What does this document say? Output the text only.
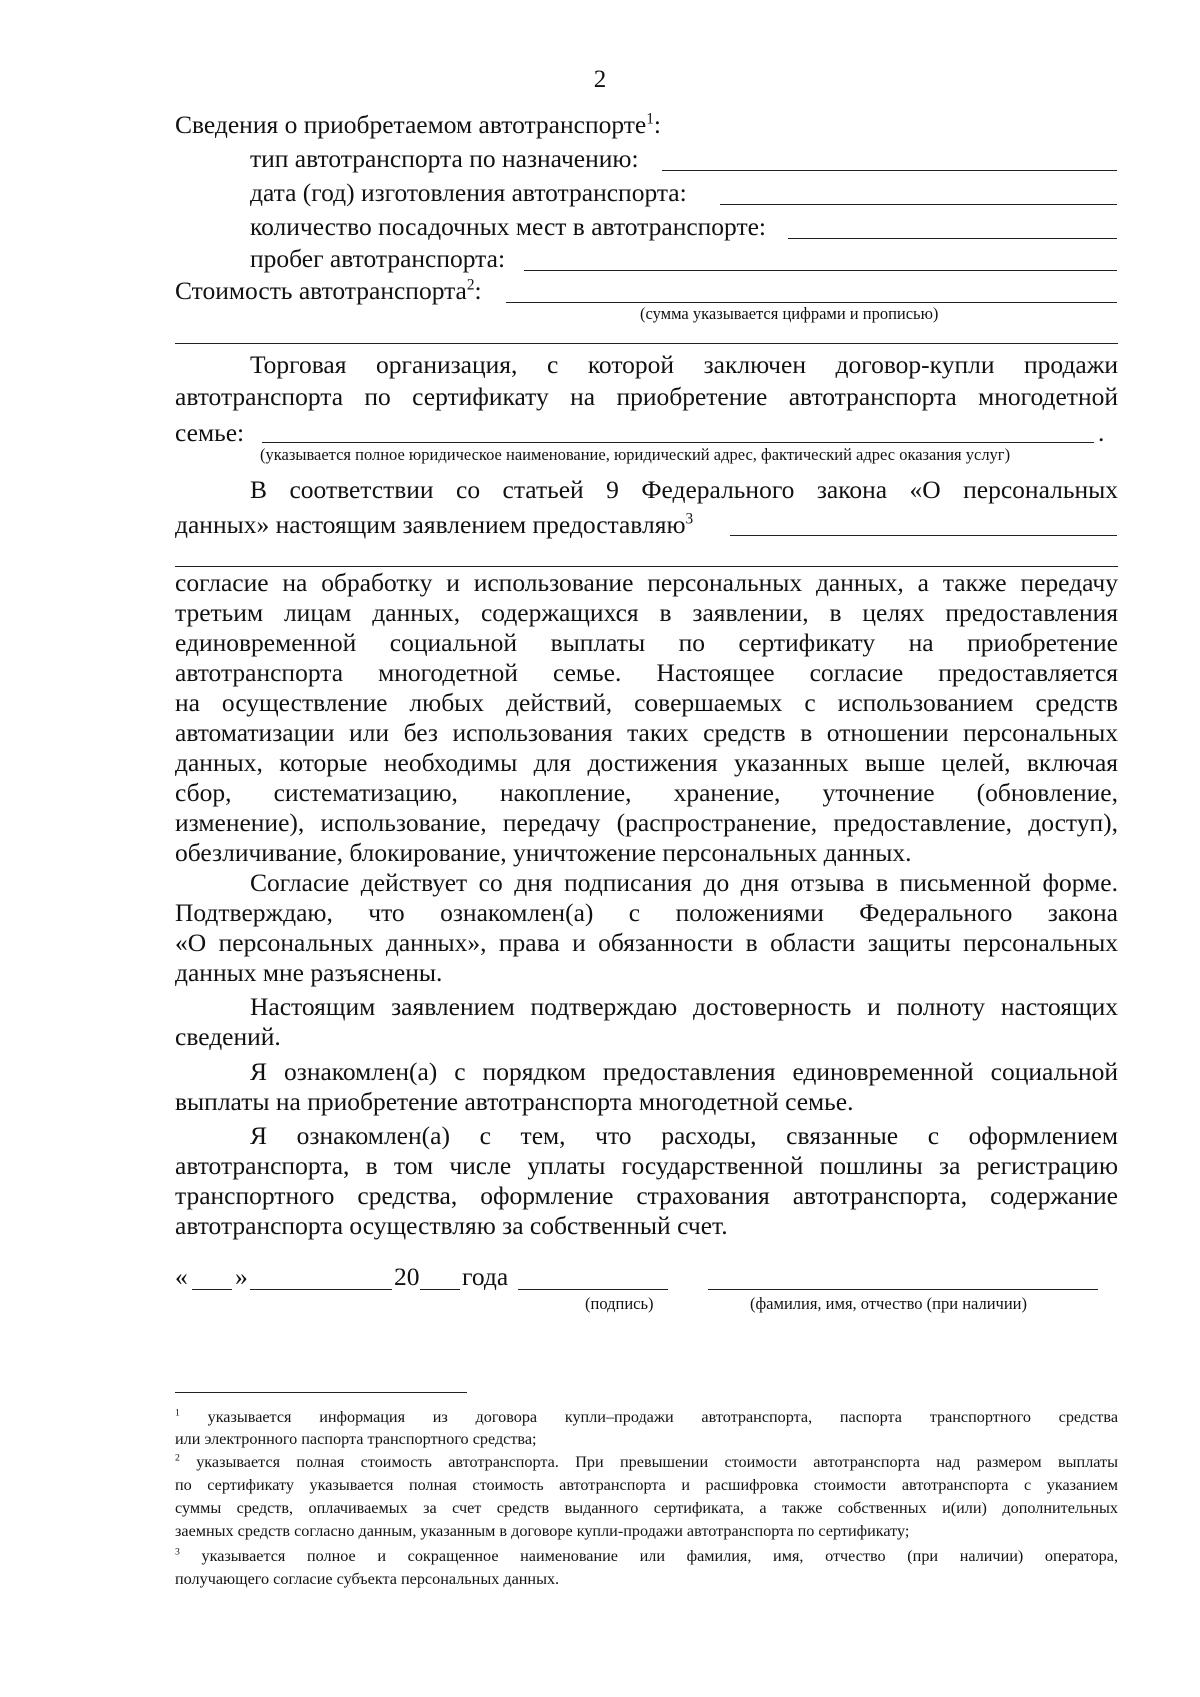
2
Сведения о приобретаемом автотранспорте$^1$:
тип автотранспорта по назначению:
дата (год) изготовления автотранспорта:
количество посадочных мест в автотранспорте:
пробег автотранспорта:
Стоимость автотранспорта$^2$:
(сумма указывается цифрами и прописью)
Торговая организация, с которой заключен договор-купли продажи
автотранспорта по сертификату на приобретение автотранспорта многодетной
семье:	.
(указывается полное юридическое наименование, юридический адрес, фактический адрес оказания услуг)
В соответствии со статьей 9 Федерального закона «О персональных
данных» настоящим заявлением предоставляю$^3$
согласие на обработку и использование персональных данных, а также передачу
третьим лицам данных, содержащихся в заявлении, в целях предоставления
единовременной социальной выплаты по сертификату на приобретение
автотранспорта многодетной семье. Настоящее согласие предоставляется
на осуществление любых действий, совершаемых с использованием средств
автоматизации или без использования таких средств в отношении персональных
данных, которые необходимы для достижения указанных выше целей, включая
сбор, систематизацию, накопление, хранение, уточнение (обновление,
изменение), использование, передачу (распространение, предоставление, доступ),
обезличивание, блокирование, уничтожение персональных данных.
Согласие действует со дня подписания до дня отзыва в письменной форме.
Подтверждаю, что ознакомлен(а) с положениями Федерального закона
«О персональных данных», права и обязанности в области защиты персональных
данных мне разъяснены.
Настоящим заявлением подтверждаю достоверность и полноту настоящих
сведений.
Я ознакомлен(а) с порядком предоставления единовременной социальной
выплаты на приобретение автотранспорта многодетной семье.
Я ознакомлен(а) с тем, что расходы, связанные с оформлением
автотранспорта, в том числе уплаты государственной пошлины за регистрацию
транспортного средства, оформление страхования автотранспорта, содержание
автотранспорта осуществляю за собственный счет.
« »	20 года
(подпись)	(фамилия, имя, отчество (при наличии)
$^1$ указывается информация из договора купли–продажи автотранспорта, паспорта транспортного средства
или электронного паспорта транспортного средства;
$^2$ указывается полная стоимость автотранспорта. При превышении стоимости автотранспорта над размером выплаты
по сертификату указывается полная стоимость автотранспорта и расшифровка стоимости автотранспорта с указанием
суммы средств, оплачиваемых за счет средств выданного сертификата, а также собственных и(или) дополнительных
заемных средств согласно данным, указанным в договоре купли-продажи автотранспорта по сертификату;
$^3$ указывается полное и сокращенное наименование или фамилия, имя, отчество (при наличии) оператора,
получающего согласие субъекта персональных данных.
